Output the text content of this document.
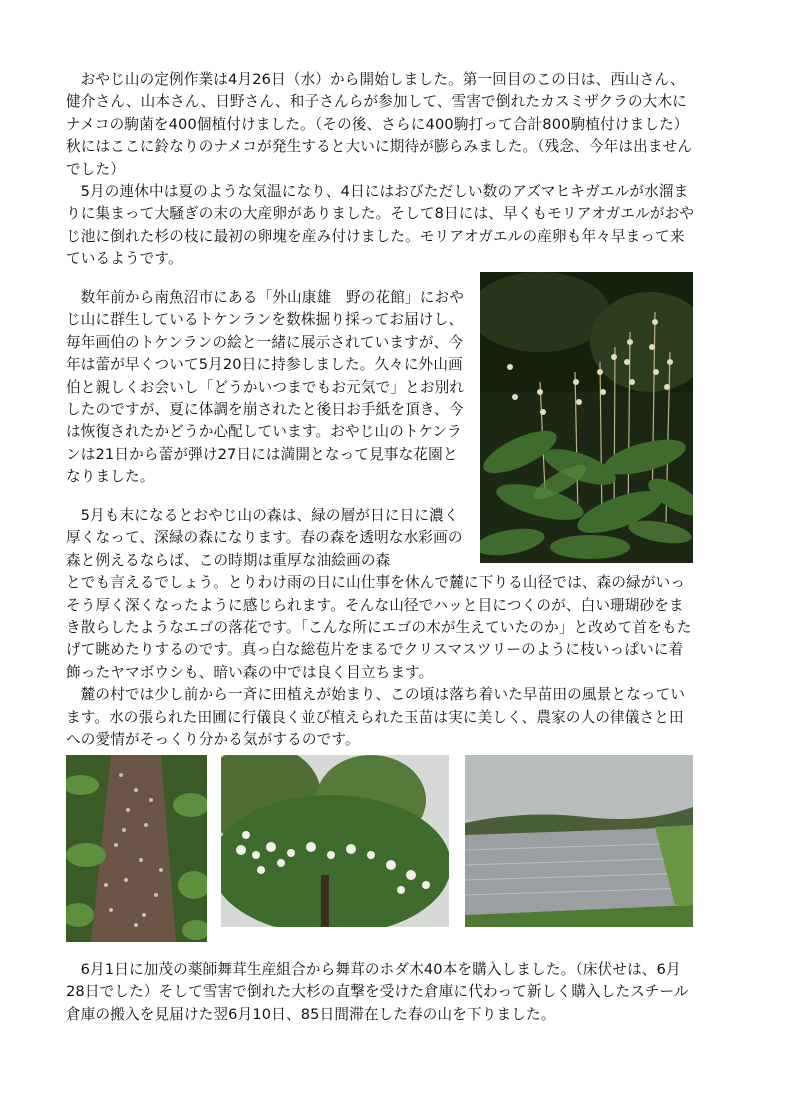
おやじ山の定例作業は4月26日（水）から開始しました。第一回目のこの日は、西山さん、健介さん、山本さん、日野さん、和子さんらが参加して、雪害で倒れたカスミザクラの大木にナメコの駒菌を400個植付けました。（その後、さらに400駒打って合計800駒植付けました）秋にはここに鈴なりのナメコが発生すると大いに期待が膨らみました。（残念、今年は出ませんでした）

5月の連休中は夏のような気温になり、4日にはおびただしい数のアズマヒキガエルが水溜まりに集まって大騒ぎの末の大産卵がありました。そして8日には、早くもモリアオガエルがおやじ池に倒れた杉の枝に最初の卵塊を産み付けました。モリアオガエルの産卵も年々早まって来ているようです。

数年前から南魚沼市にある「外山康雄　野の花館」におやじ山に群生しているトケンランを数株掘り採ってお届けし、毎年画伯のトケンランの絵と一緒に展示されていますが、今年は蕾が早くついて5月20日に持参しました。久々に外山画伯と親しくお会いし「どうかいつまでもお元気で」とお別れしたのですが、夏に体調を崩されたと後日お手紙を頂き、今は恢復されたかどうか心配しています。おやじ山のトケンランは21日から蕾が弾け27日には満開となって見事な花園となりました。

5月も末になるとおやじ山の森は、緑の層が日に日に濃く厚くなって、深緑の森になります。春の森を透明な水彩画の森と例えるならば、この時期は重厚な油絵画の森

とでも言えるでしょう。とりわけ雨の日に山仕事を休んで麓に下りる山径では、森の緑がいっそう厚く深くなったように感じられます。そんな山径でハッと目につくのが、白い珊瑚砂をまき散らしたようなエゴの落花です。「こんな所にエゴの木が生えていたのか」と改めて首をもたげて眺めたりするのです。真っ白な総苞片をまるでクリスマスツリーのように枝いっぱいに着飾ったヤマボウシも、暗い森の中では良く目立ちます。

麓の村では少し前から一斉に田植えが始まり、この頃は落ち着いた早苗田の風景となっています。水の張られた田圃に行儀良く並び植えられた玉苗は実に美しく、農家の人の律儀さと田への愛情がそっくり分かる気がするのです。

6月1日に加茂の薬師舞茸生産組合から舞茸のホダ木40本を購入しました。（床伏せは、6月28日でした）そして雪害で倒れた大杉の直撃を受けた倉庫に代わって新しく購入したスチール倉庫の搬入を見届けた翌6月10日、85日間滞在した春の山を下りました。
